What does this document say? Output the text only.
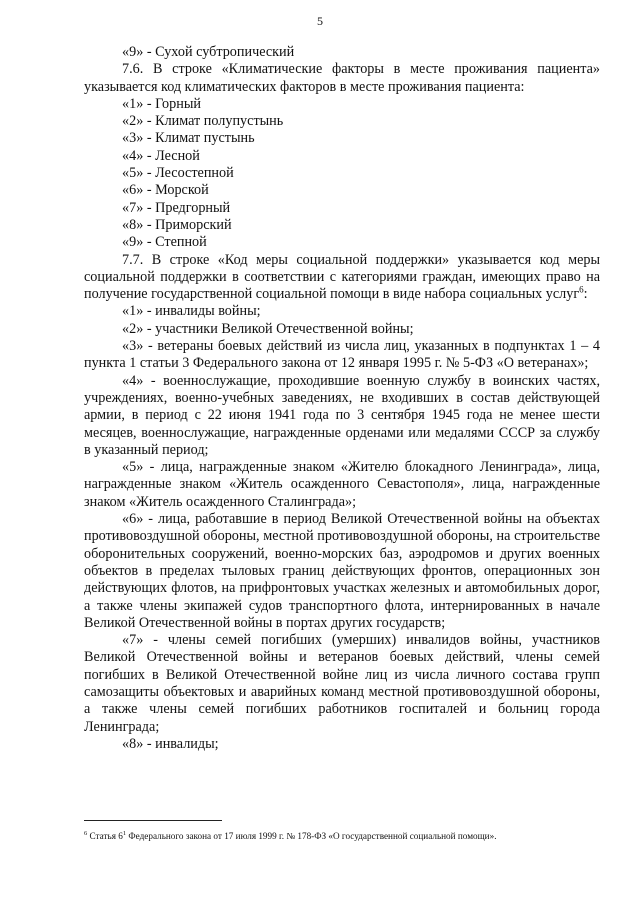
5

«9» - Сухой субтропический

7.6. В строке «Климатические факторы в месте проживания пациента» указывается код климатических факторов в месте проживания пациента:

«1» - Горный

«2» - Климат полупустынь

«3» - Климат пустынь

«4» - Лесной

«5» - Лесостепной

«6» - Морской

«7» - Предгорный

«8» - Приморский

«9» - Степной

7.7. В строке «Код меры социальной поддержки» указывается код меры социальной поддержки в соответствии с категориями граждан, имеющих право на получение государственной социальной помощи в виде набора социальных услуг$^6$:

«1» - инвалиды войны;

«2» - участники Великой Отечественной войны;

«3» - ветераны боевых действий из числа лиц, указанных в подпунктах 1 – 4 пункта 1 статьи 3 Федерального закона от 12 января 1995 г. № 5-ФЗ «О ветеранах»;

«4» - военнослужащие, проходившие военную службу в воинских частях, учреждениях, военно-учебных заведениях, не входивших в состав действующей армии, в период с 22 июня 1941 года по 3 сентября 1945 года не менее шести месяцев, военнослужащие, награжденные орденами или медалями СССР за службу в указанный период;

«5» - лица, награжденные знаком «Жителю блокадного Ленинграда», лица, награжденные знаком «Житель осажденного Севастополя», лица, награжденные знаком «Житель осажденного Сталинграда»;

«6» - лица, работавшие в период Великой Отечественной войны на объектах противовоздушной обороны, местной противовоздушной обороны, на строительстве оборонительных сооружений, военно-морских баз, аэродромов и других военных объектов в пределах тыловых границ действующих фронтов, операционных зон действующих флотов, на прифронтовых участках железных и автомобильных дорог, а также члены экипажей судов транспортного флота, интернированных в начале Великой Отечественной войны в портах других государств;

«7» - члены семей погибших (умерших) инвалидов войны, участников Великой Отечественной войны и ветеранов боевых действий, члены семей погибших в Великой Отечественной войне лиц из числа личного состава групп самозащиты объектовых и аварийных команд местной противовоздушной обороны, а также члены семей погибших работников госпиталей и больниц города Ленинграда;

«8» - инвалиды;

$^6$ Статья $6^1$ Федерального закона от 17 июля 1999 г. № 178-ФЗ «О государственной социальной помощи».
